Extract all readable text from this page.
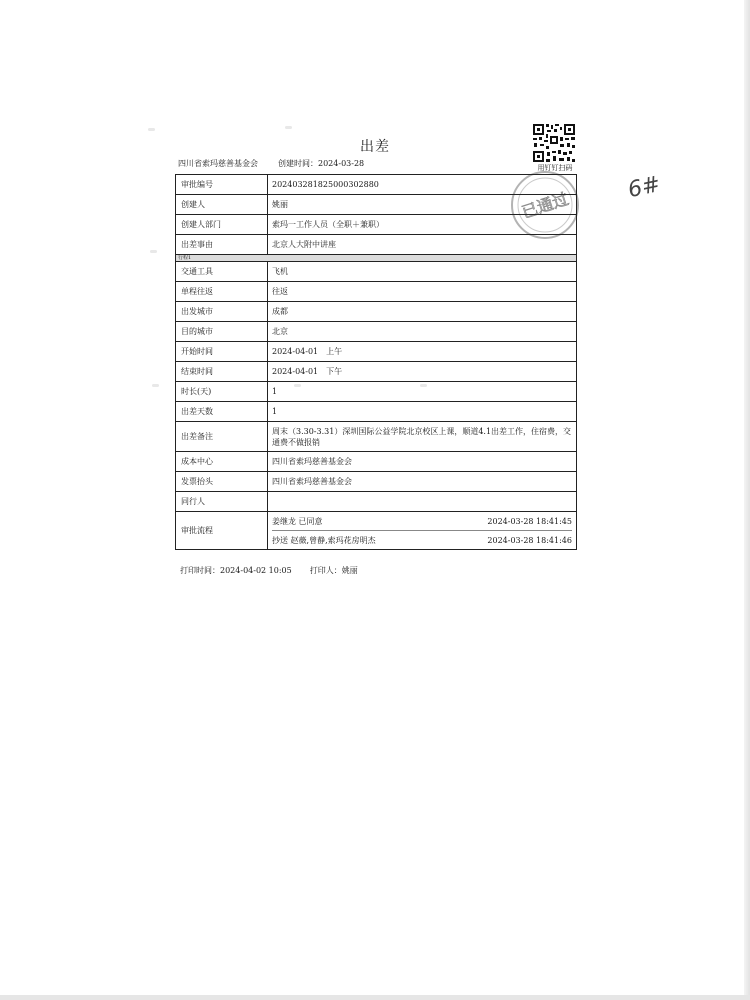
出差
四川省索玛慈善基金会	创建时间：2024-03-28	用钉钉扫码
6#
已通过
审批编号	202403281825000302880
创建人	姚丽
创建人部门	索玛一工作人员（全职＋兼职）
出差事由	北京人大附中讲座
行程1	
交通工具	飞机
单程往返	往返
出发城市	成都
目的城市	北京
开始时间	2024-04-01　上午
结束时间	2024-04-01　下午
时长(天)	1
出差天数	1
出差备注	周末（3.30-3.31）深圳国际公益学院北京校区上课，顺道4.1出差工作，住宿费，交通费不做报销
成本中心	四川省索玛慈善基金会
发票抬头	四川省索玛慈善基金会
同行人	
审批流程	姜继龙 已同意 2024-03-28 18:41:45
抄送 赵薇,曾静,索玛花房明杰 2024-03-28 18:41:46
打印时间：2024-04-02 10:05 打印人：姚丽
